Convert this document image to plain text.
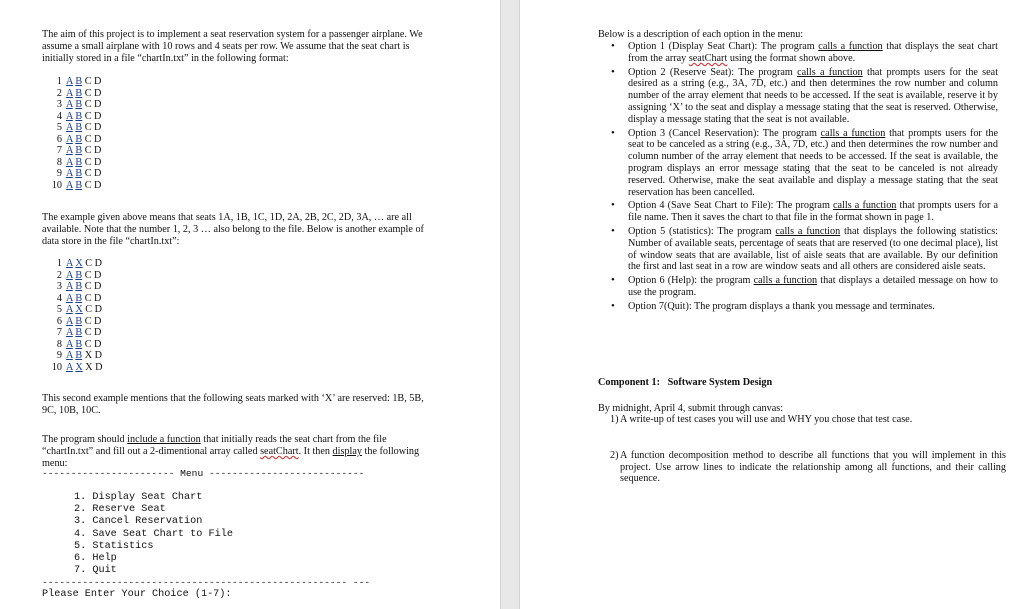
The aim of this project is to implement a seat reservation system for a passenger airplane. We assume a small airplane with 10 rows and 4 seats per row. We assume that the seat chart is initially stored in a file “chartIn.txt” in the following format:
1 A B C D
2 A B C D
3 A B C D
4 A B C D
5 A B C D
6 A B C D
7 A B C D
8 A B C D
9 A B C D
10 A B C D
The example given above means that seats 1A, 1B, 1C, 1D, 2A, 2B, 2C, 2D, 3A, … are all available. Note that the number 1, 2, 3 … also belong to the file. Below is another example of data store in the file “chartIn.txt”:
1 A X C D
2 A B C D
3 A B C D
4 A B C D
5 A X C D
6 A B C D
7 A B C D
8 A B C D
9 A B X D
10 A X X D
This second example mentions that the following seats marked with ‘X’ are reserved: 1B, 5B, 9C, 10B, 10C.
The program should include a function that initially reads the seat chart from the file “chartIn.txt” and fill out a 2-dimentional array called seatChart. It then display the following menu:
----------------------- Menu ---------------------------
1. Display Seat Chart
2. Reserve Seat
3. Cancel Reservation
4. Save Seat Chart to File
5. Statistics
6. Help
7. Quit
----------------------------------------------------- ---
Please Enter Your Choice (1-7):
Below is a description of each option in the menu:
• Option 1 (Display Seat Chart): The program calls a function that displays the seat chart from the array seatChart using the format shown above.
• Option 2 (Reserve Seat): The program calls a function that prompts users for the seat desired as a string (e.g., 3A, 7D, etc.) and then determines the row number and column number of the array element that needs to be accessed. If the seat is available, reserve it by assigning ‘X’ to the seat and display a message stating that the seat is reserved. Otherwise, display a message stating that the seat is not available.
• Option 3 (Cancel Reservation): The program calls a function that prompts users for the seat to be canceled as a string (e.g., 3A, 7D, etc.) and then determines the row number and column number of the array element that needs to be accessed. If the seat is available, the program displays an error message stating that the seat to be canceled is not already reserved. Otherwise, make the seat available and display a message stating that the seat reservation has been cancelled.
• Option 4 (Save Seat Chart to File): The program calls a function that prompts users for a file name. Then it saves the chart to that file in the format shown in page 1.
• Option 5 (statistics): The program calls a function that displays the following statistics: Number of available seats, percentage of seats that are reserved (to one decimal place), list of window seats that are available, list of aisle seats that are available. By our definition the first and last seat in a row are window seats and all others are considered aisle seats.
• Option 6 (Help): the program calls a function that displays a detailed message on how to use the program.
• Option 7(Quit): The program displays a thank you message and terminates.
Component 1: Software System Design
By midnight, April 4, submit through canvas:
1) A write-up of test cases you will use and WHY you chose that test case.
2) A function decomposition method to describe all functions that you will implement in this project. Use arrow lines to indicate the relationship among all functions, and their calling sequence.
